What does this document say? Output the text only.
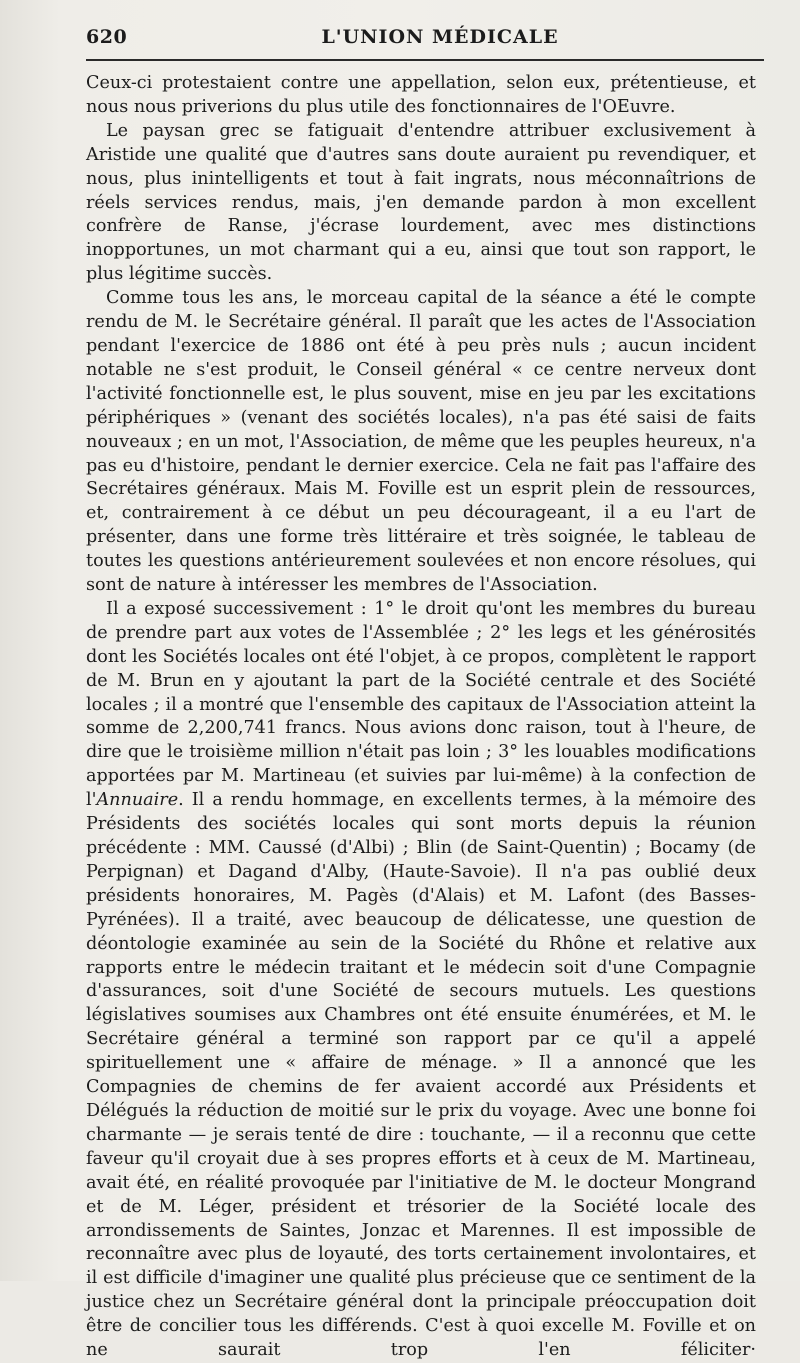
620	L'UNION MÉDICALE

Ceux-ci protestaient contre une appellation, selon eux, prétentieuse, et nous nous priverions du plus utile des fonctionnaires de l'OEuvre.

Le paysan grec se fatiguait d'entendre attribuer exclusivement à Aristide une qualité que d'autres sans doute auraient pu revendiquer, et nous, plus inintelligents et tout à fait ingrats, nous méconnaîtrions de réels services rendus, mais, j'en demande pardon à mon excellent confrère de Ranse, j'écrase lourdement, avec mes distinctions inopportunes, un mot charmant qui a eu, ainsi que tout son rapport, le plus légitime succès.

Comme tous les ans, le morceau capital de la séance a été le compte rendu de M. le Secrétaire général. Il paraît que les actes de l'Association pendant l'exercice de 1886 ont été à peu près nuls ; aucun incident notable ne s'est produit, le Conseil général « ce centre nerveux dont l'activité fonctionnelle est, le plus souvent, mise en jeu par les excitations périphériques » (venant des sociétés locales), n'a pas été saisi de faits nouveaux ; en un mot, l'Association, de même que les peuples heureux, n'a pas eu d'histoire, pendant le dernier exercice. Cela ne fait pas l'affaire des Secrétaires généraux. Mais M. Foville est un esprit plein de ressources, et, contrairement à ce début un peu décourageant, il a eu l'art de présenter, dans une forme très littéraire et très soignée, le tableau de toutes les questions antérieurement soulevées et non encore résolues, qui sont de nature à intéresser les membres de l'Association.

Il a exposé successivement : 1° le droit qu'ont les membres du bureau de prendre part aux votes de l'Assemblée ; 2° les legs et les générosités dont les Sociétés locales ont été l'objet, à ce propos, complètent le rapport de M. Brun en y ajoutant la part de la Société centrale et des Société locales ; il a montré que l'ensemble des capitaux de l'Association atteint la somme de 2,200,741 francs. Nous avions donc raison, tout à l'heure, de dire que le troisième million n'était pas loin ; 3° les louables modifications apportées par M. Martineau (et suivies par lui-même) à la confection de l'Annuaire. Il a rendu hommage, en excellents termes, à la mémoire des Présidents des sociétés locales qui sont morts depuis la réunion précédente : MM. Caussé (d'Albi) ; Blin (de Saint-Quentin) ; Bocamy (de Perpignan) et Dagand d'Alby, (Haute-Savoie). Il n'a pas oublié deux présidents honoraires, M. Pagès (d'Alais) et M. Lafont (des Basses-Pyrénées). Il a traité, avec beaucoup de délicatesse, une question de déontologie examinée au sein de la Société du Rhône et relative aux rapports entre le médecin traitant et le médecin soit d'une Compagnie d'assurances, soit d'une Société de secours mutuels. Les questions législatives soumises aux Chambres ont été ensuite énumérées, et M. le Secrétaire général a terminé son rapport par ce qu'il a appelé spirituellement une « affaire de ménage. » Il a annoncé que les Compagnies de chemins de fer avaient accordé aux Présidents et Délégués la réduction de moitié sur le prix du voyage. Avec une bonne foi charmante — je serais tenté de dire : touchante, — il a reconnu que cette faveur qu'il croyait due à ses propres efforts et à ceux de M. Martineau, avait été, en réalité provoquée par l'initiative de M. le docteur Mongrand et de M. Léger, président et trésorier de la Société locale des arrondissements de Saintes, Jonzac et Marennes. Il est impossible de reconnaître avec plus de loyauté, des torts certainement involontaires, et il est difficile d'imaginer une qualité plus précieuse que ce sentiment de la justice chez un Secrétaire général dont la principale préoccupation doit être de concilier tous les différends. C'est à quoi excelle M. Foville et on ne saurait trop l'en féliciter·
